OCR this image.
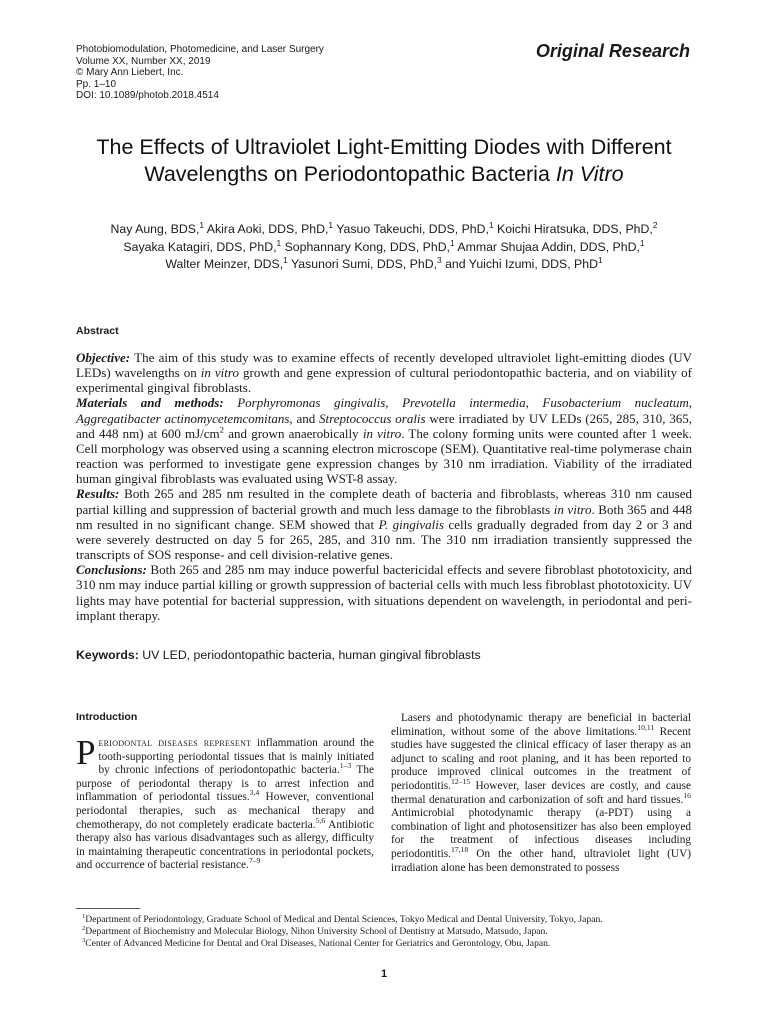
Photobiomodulation, Photomedicine, and Laser Surgery
Volume XX, Number XX, 2019
© Mary Ann Liebert, Inc.
Pp. 1–10
DOI: 10.1089/photob.2018.4514
Original Research
The Effects of Ultraviolet Light-Emitting Diodes with Different
Wavelengths on Periodontopathic Bacteria In Vitro
Nay Aung, BDS,$^1$ Akira Aoki, DDS, PhD,$^1$ Yasuo Takeuchi, DDS, PhD,$^1$ Koichi Hiratsuka, DDS, PhD,$^2$
Sayaka Katagiri, DDS, PhD,$^1$ Sophannary Kong, DDS, PhD,$^1$ Ammar Shujaa Addin, DDS, PhD,$^1$
Walter Meinzer, DDS,$^1$ Yasunori Sumi, DDS, PhD,$^3$ and Yuichi Izumi, DDS, PhD$^1$
Abstract

Objective: The aim of this study was to examine effects of recently developed ultraviolet light-emitting diodes (UV LEDs) wavelengths on in vitro growth and gene expression of cultural periodontopathic bacteria, and on viability of experimental gingival fibroblasts.

Materials and methods: Porphyromonas gingivalis, Prevotella intermedia, Fusobacterium nucleatum, Aggregatibacter actinomycetemcomitans, and Streptococcus oralis were irradiated by UV LEDs (265, 285, 310, 365, and 448 nm) at 600 $mJ/cm^2$ and grown anaerobically in vitro. The colony forming units were counted after 1 week. Cell morphology was observed using a scanning electron microscope (SEM). Quantitative real-time polymerase chain reaction was performed to investigate gene expression changes by 310 nm irradiation. Viability of the irradiated human gingival fibroblasts was evaluated using WST-8 assay.

Results: Both 265 and 285 nm resulted in the complete death of bacteria and fibroblasts, whereas 310 nm caused partial killing and suppression of bacterial growth and much less damage to the fibroblasts in vitro. Both 365 and 448 nm resulted in no significant change. SEM showed that P. gingivalis cells gradually degraded from day 2 or 3 and were severely destructed on day 5 for 265, 285, and 310 nm. The 310 nm irradiation transiently suppressed the transcripts of SOS response- and cell division-relative genes.

Conclusions: Both 265 and 285 nm may induce powerful bactericidal effects and severe fibroblast phototoxicity, and 310 nm may induce partial killing or growth suppression of bacterial cells with much less fibroblast phototoxicity. UV lights may have potential for bacterial suppression, with situations dependent on wavelength, in periodontal and peri-implant therapy.

Keywords: UV LED, periodontopathic bacteria, human gingival fibroblasts
Introduction

Periodontal diseases represent inflammation around the tooth-supporting periodontal tissues that is mainly initiated by chronic infections of periodontopathic bacteria.$^{1-3}$ The purpose of periodontal therapy is to arrest infection and inflammation of periodontal tissues.$^{3,4}$ However, conventional periodontal therapies, such as mechanical therapy and chemotherapy, do not completely eradicate bacteria.$^{5,6}$ Antibiotic therapy also has various disadvantages such as allergy, difficulty in maintaining therapeutic concentrations in periodontal pockets, and occurrence of bacterial resistance.$^{7-9}$

Lasers and photodynamic therapy are beneficial in bacterial elimination, without some of the above limitations.$^{10,11}$ Recent studies have suggested the clinical efficacy of laser therapy as an adjunct to scaling and root planing, and it has been reported to produce improved clinical outcomes in the treatment of periodontitis.$^{12-15}$ However, laser devices are costly, and cause thermal denaturation and carbonization of soft and hard tissues.$^{16}$ Antimicrobial photodynamic therapy (a-PDT) using a combination of light and photosensitizer has also been employed for the treatment of infectious diseases including periodontitis.$^{17,18}$ On the other hand, ultraviolet light (UV) irradiation alone has been demonstrated to possess

$^1$Department of Periodontology, Graduate School of Medical and Dental Sciences, Tokyo Medical and Dental University, Tokyo, Japan.
$^2$Department of Biochemistry and Molecular Biology, Nihon University School of Dentistry at Matsudo, Matsudo, Japan.
$^3$Center of Advanced Medicine for Dental and Oral Diseases, National Center for Geriatrics and Gerontology, Obu, Japan.
1
